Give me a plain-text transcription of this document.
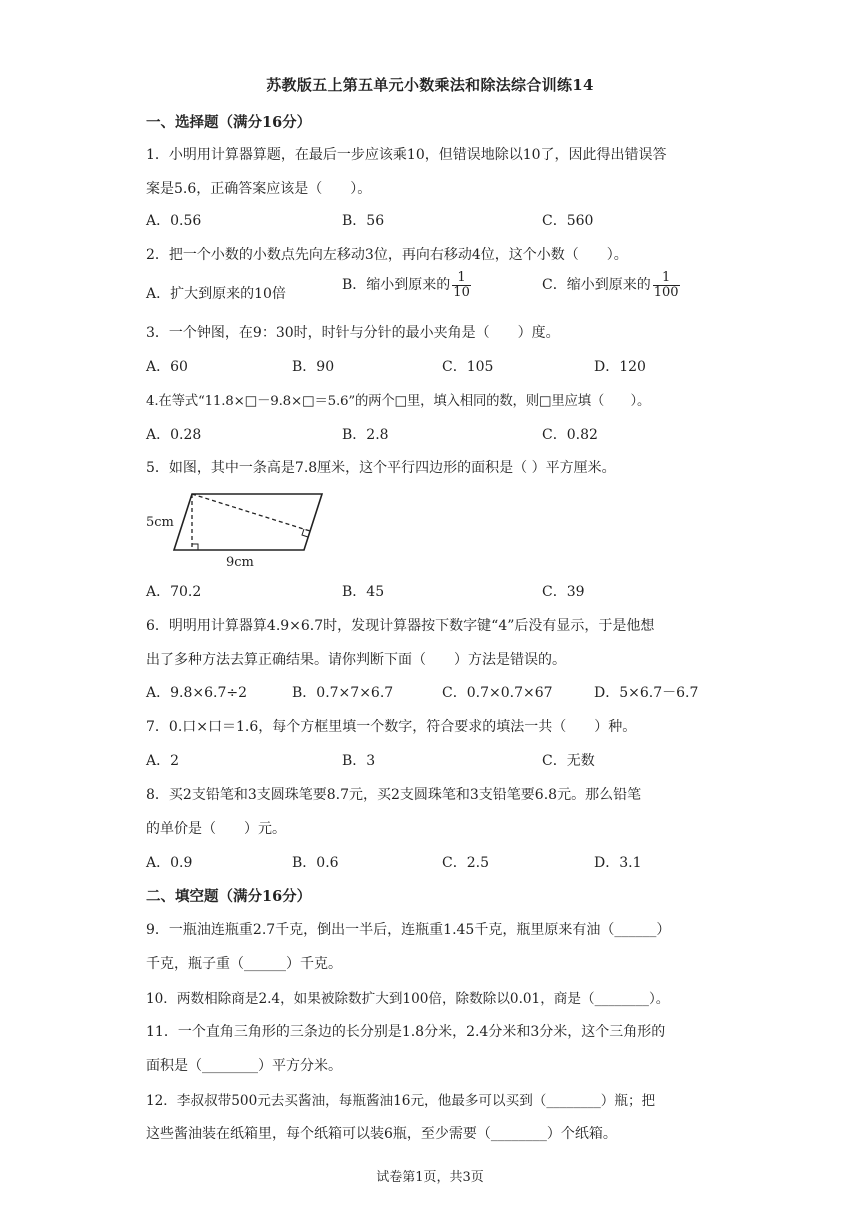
苏教版五上第五单元小数乘法和除法综合训练14
一、选择题（满分16分）
1．小明用计算器算题，在最后一步应该乘10，但错误地除以10了，因此得出错误答
案是5.6，正确答案应该是（　　）。
A．0.56	B．56	C．560
2．把一个小数的小数点先向左移动3位，再向右移动4位，这个小数（　　）。
A．扩大到原来的10倍
B．缩小到原来的 $\frac{1}{10}$	C．缩小到原来的 $\frac{1}{100}$
3．一个钟图，在9：30时，时针与分针的最小夹角是（　　）度。
A．60	B．90	C．105	D．120
4.在等式“11.8×□－9.8×□＝5.6”的两个□里，填入相同的数，则□里应填（　　）。
A．0.28	B．2.8	C．0.82
5．如图，其中一条高是7.8厘米，这个平行四边形的面积是（ ）平方厘米。
5cm
9cm
A．70.2	B．45	C．39
6．明明用计算器算4.9×6.7时，发现计算器按下数字键“4”后没有显示，于是他想
出了多种方法去算正确结果。请你判断下面（　　）方法是错误的。
A．9.8×6.7÷2	B．0.7×7×6.7	C．0.7×0.7×67	D．5×6.7－6.7
7．0.口×口＝1.6，每个方框里填一个数字，符合要求的填法一共（　　）种。
A．2	B．3	C．无数
8．买2支铅笔和3支圆珠笔要8.7元，买2支圆珠笔和3支铅笔要6.8元。那么铅笔
的单价是（　　）元。
A．0.9	B．0.6	C．2.5	D．3.1
二、填空题（满分16分）
9．一瓶油连瓶重2.7千克，倒出一半后，连瓶重1.45千克，瓶里原来有油（______）
千克，瓶子重（______）千克。
10．两数相除商是2.4，如果被除数扩大到100倍，除数除以0.01，商是（________）。
11．一个直角三角形的三条边的长分别是1.8分米，2.4分米和3分米，这个三角形的
面积是（________）平方分米。
12．李叔叔带500元去买酱油，每瓶酱油16元，他最多可以买到（________）瓶；把
这些酱油装在纸箱里，每个纸箱可以装6瓶，至少需要（________）个纸箱。
试卷第1页，共3页
